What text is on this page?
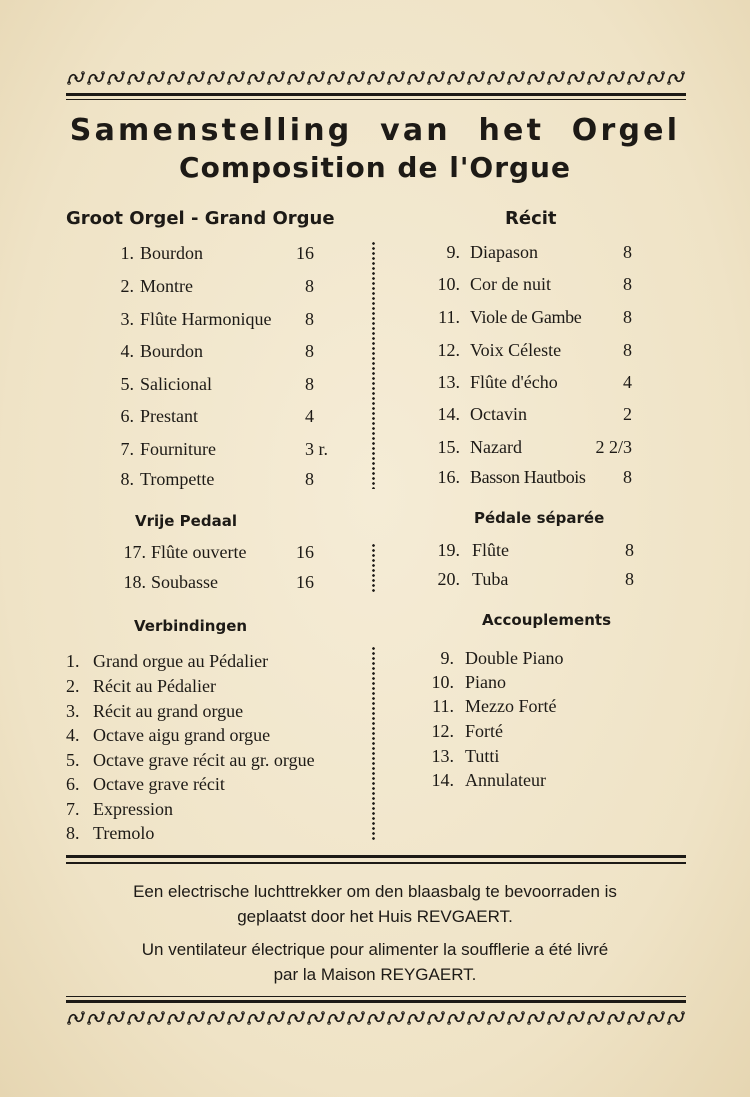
Samenstelling van het Orgel
Composition de l'Orgue
Groot Orgel - Grand Orgue	Récit
1. Bourdon	16
2. Montre	8
3. Flûte Harmonique 8
4. Bourdon	8
5. Salicional	8
6. Prestant	4
7. Fourniture	3 r.
8. Trompette	8
9. Diapason	8
10. Cor de nuit	8
11. Viole de Gambe 8
12. Voix Céleste	8
13. Flûte d'écho	4
14. Octavin	2
15. Nazard	2 2/3
16. Basson Hautbois 8
Vrije Pedaal	Pédale séparée
17. Flûte ouverte	16
18. Soubasse	16
19. Flûte	8
20. Tuba	8
Verbindingen	Accouplements
1. Grand orgue au Pédalier
2. Récit au Pédalier
3. Récit au grand orgue
4. Octave aigu grand orgue
5. Octave grave récit au gr. orgue
6. Octave grave récit
7. Expression
8. Tremolo
9. Double Piano
10. Piano
11. Mezzo Forté
12. Forté
13. Tutti
14. Annulateur
Een electrische luchttrekker om den blaasbalg te bevoorraden is
geplaatst door het Huis REVGAERT.
Un ventilateur électrique pour alimenter la soufflerie a été livré
par la Maison REYGAERT.
